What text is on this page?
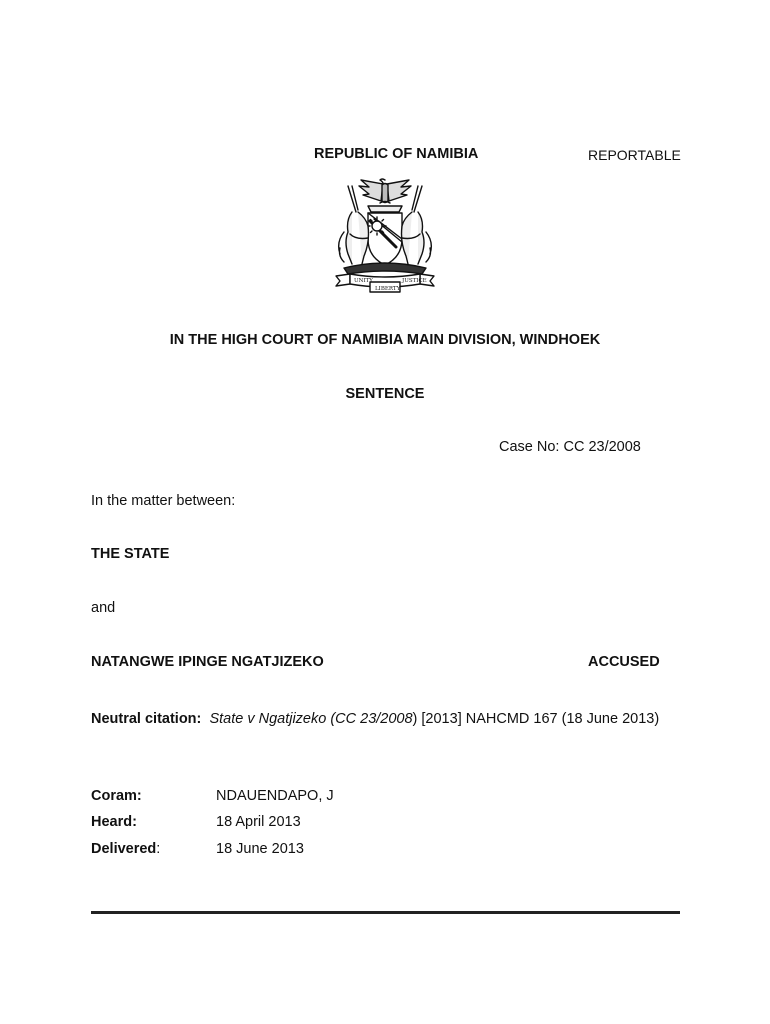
REPUBLIC OF NAMIBIA	REPORTABLE
UNITY	JUSTICE
LIBERTY
IN THE HIGH COURT OF NAMIBIA MAIN DIVISION, WINDHOEK
SENTENCE
Case No: CC 23/2008
In the matter between:
THE STATE
and
NATANGWE IPINGE NGATJIZEKO	ACCUSED
Neutral citation: State v Ngatjizeko (CC 23/2008) [2013] NAHCMD 167 (18 June 2013)
Coram:	NDAUENDAPO, J
Heard:	18 April 2013
Delivered:	18 June 2013
